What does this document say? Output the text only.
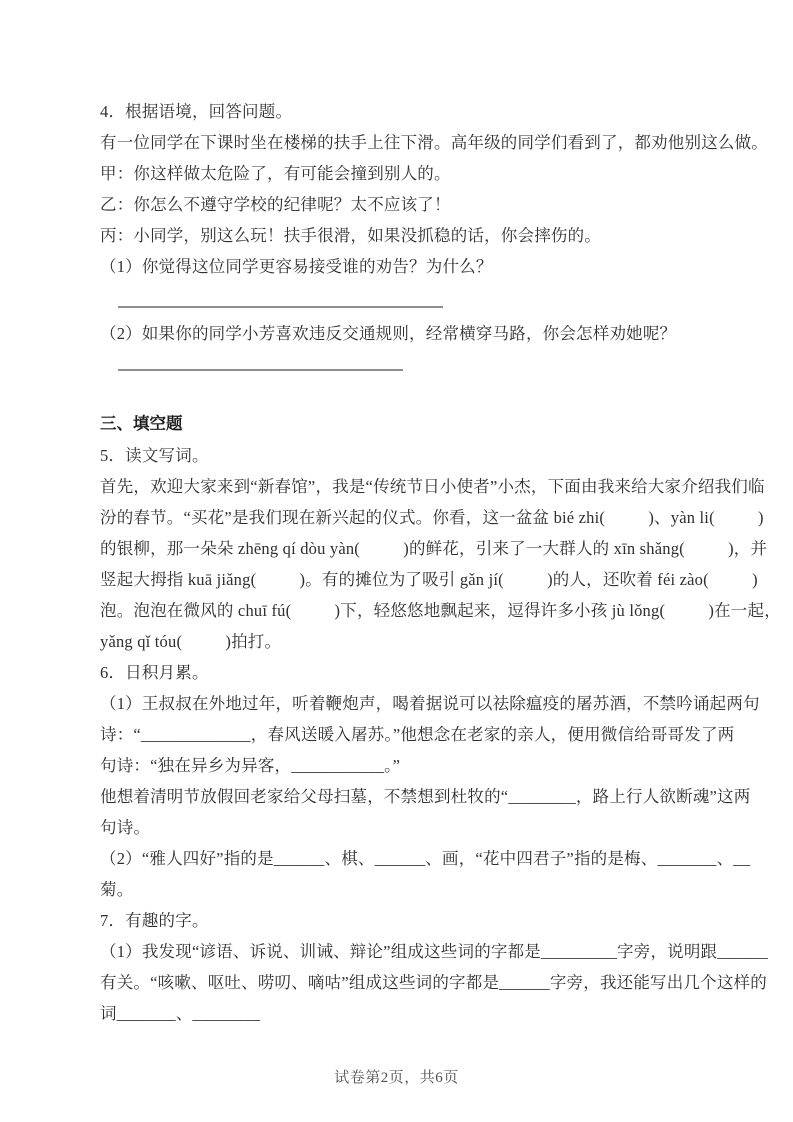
4．根据语境，回答问题。
有一位同学在下课时坐在楼梯的扶手上往下滑。高年级的同学们看到了，都劝他别这么做。
甲：你这样做太危险了，有可能会撞到别人的。
乙：你怎么不遵守学校的纪律呢？太不应该了！
丙：小同学，别这么玩！扶手很滑，如果没抓稳的话，你会摔伤的。
（1）你觉得这位同学更容易接受谁的劝告？为什么？
（2）如果你的同学小芳喜欢违反交通规则，经常横穿马路，你会怎样劝她呢？
三、填空题
5．读文写词。
首先，欢迎大家来到“新春馆”，我是“传统节日小使者”小杰，下面由我来给大家介绍我们临
汾的春节。“买花”是我们现在新兴起的仪式。你看，这一盆盆 bié zhi(          )、yàn li(          )
的银柳，那一朵朵 zhēng qí dòu yàn(          )的鲜花，引来了一大群人的 xīn shǎng(          )，并
竖起大拇指 kuā jiǎng(          )。有的摊位为了吸引 gǎn jí(          )的人，还吹着 féi zào(          )
泡。泡泡在微风的 chuī fú(          )下，轻悠悠地飘起来，逗得许多小孩 jù lǒng(          )在一起，
yǎng qǐ tóu(          )拍打。
6．日积月累。
（1）王叔叔在外地过年，听着鞭炮声，喝着据说可以祛除瘟疫的屠苏酒，不禁吟诵起两句
诗：“_____________，春风送暖入屠苏。”他想念在老家的亲人，便用微信给哥哥发了两
句诗：“独在异乡为异客，___________。”
他想着清明节放假回老家给父母扫墓，不禁想到杜牧的“________，路上行人欲断魂”这两
句诗。
（2）“雅人四好”指的是______、棋、______、画，“花中四君子”指的是梅、_______、__
菊。
7．有趣的字。
（1）我发现“谚语、诉说、训诫、辩论”组成这些词的字都是_________字旁，说明跟______
有关。“咳嗽、呕吐、唠叨、嘀咕”组成这些词的字都是______字旁，我还能写出几个这样的
词_______、________
试卷第2页，共6页
